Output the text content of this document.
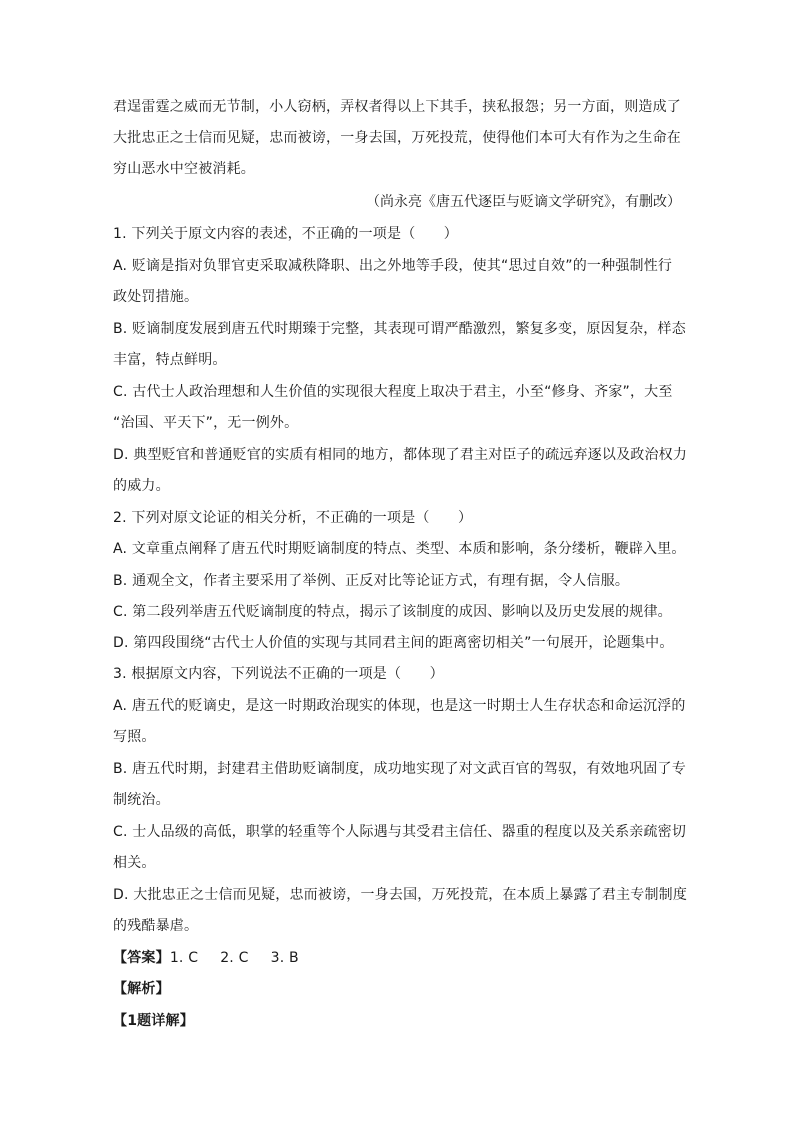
君逞雷霆之威而无节制，小人窃柄，弄权者得以上下其手，挟私报怨；另一方面，则造成了
大批忠正之士信而见疑，忠而被谤，一身去国，万死投荒，使得他们本可大有作为之生命在
穷山恶水中空被消耗。
（尚永亮《唐五代逐臣与贬谪文学研究》，有删改）
1. 下列关于原文内容的表述，不正确的一项是（　　）
A. 贬谪是指对负罪官吏采取减秩降职、出之外地等手段，使其“思过自效”的一种强制性行
政处罚措施。
B. 贬谪制度发展到唐五代时期臻于完整，其表现可谓严酷激烈，繁复多变，原因复杂，样态
丰富，特点鲜明。
C. 古代士人政治理想和人生价值的实现很大程度上取决于君主，小至“修身、齐家”，大至
“治国、平天下”，无一例外。
D. 典型贬官和普通贬官的实质有相同的地方，都体现了君主对臣子的疏远弃逐以及政治权力
的威力。
2. 下列对原文论证的相关分析，不正确的一项是（　　）
A. 文章重点阐释了唐五代时期贬谪制度的特点、类型、本质和影响，条分缕析，鞭辟入里。
B. 通观全文，作者主要采用了举例、正反对比等论证方式，有理有据，令人信服。
C. 第二段列举唐五代贬谪制度的特点，揭示了该制度的成因、影响以及历史发展的规律。
D. 第四段围绕“古代士人价值的实现与其同君主间的距离密切相关”一句展开，论题集中。
3. 根据原文内容，下列说法不正确的一项是（　　）
A. 唐五代的贬谪史，是这一时期政治现实的体现，也是这一时期士人生存状态和命运沉浮的
写照。
B. 唐五代时期，封建君主借助贬谪制度，成功地实现了对文武百官的驾驭，有效地巩固了专
制统治。
C. 士人品级的高低，职掌的轻重等个人际遇与其受君主信任、器重的程度以及关系亲疏密切
相关。
D. 大批忠正之士信而见疑，忠而被谤，一身去国，万死投荒，在本质上暴露了君主专制制度
的残酷暴虐。
【答案】1. C 2. C 3. B
【解析】
【1题详解】
